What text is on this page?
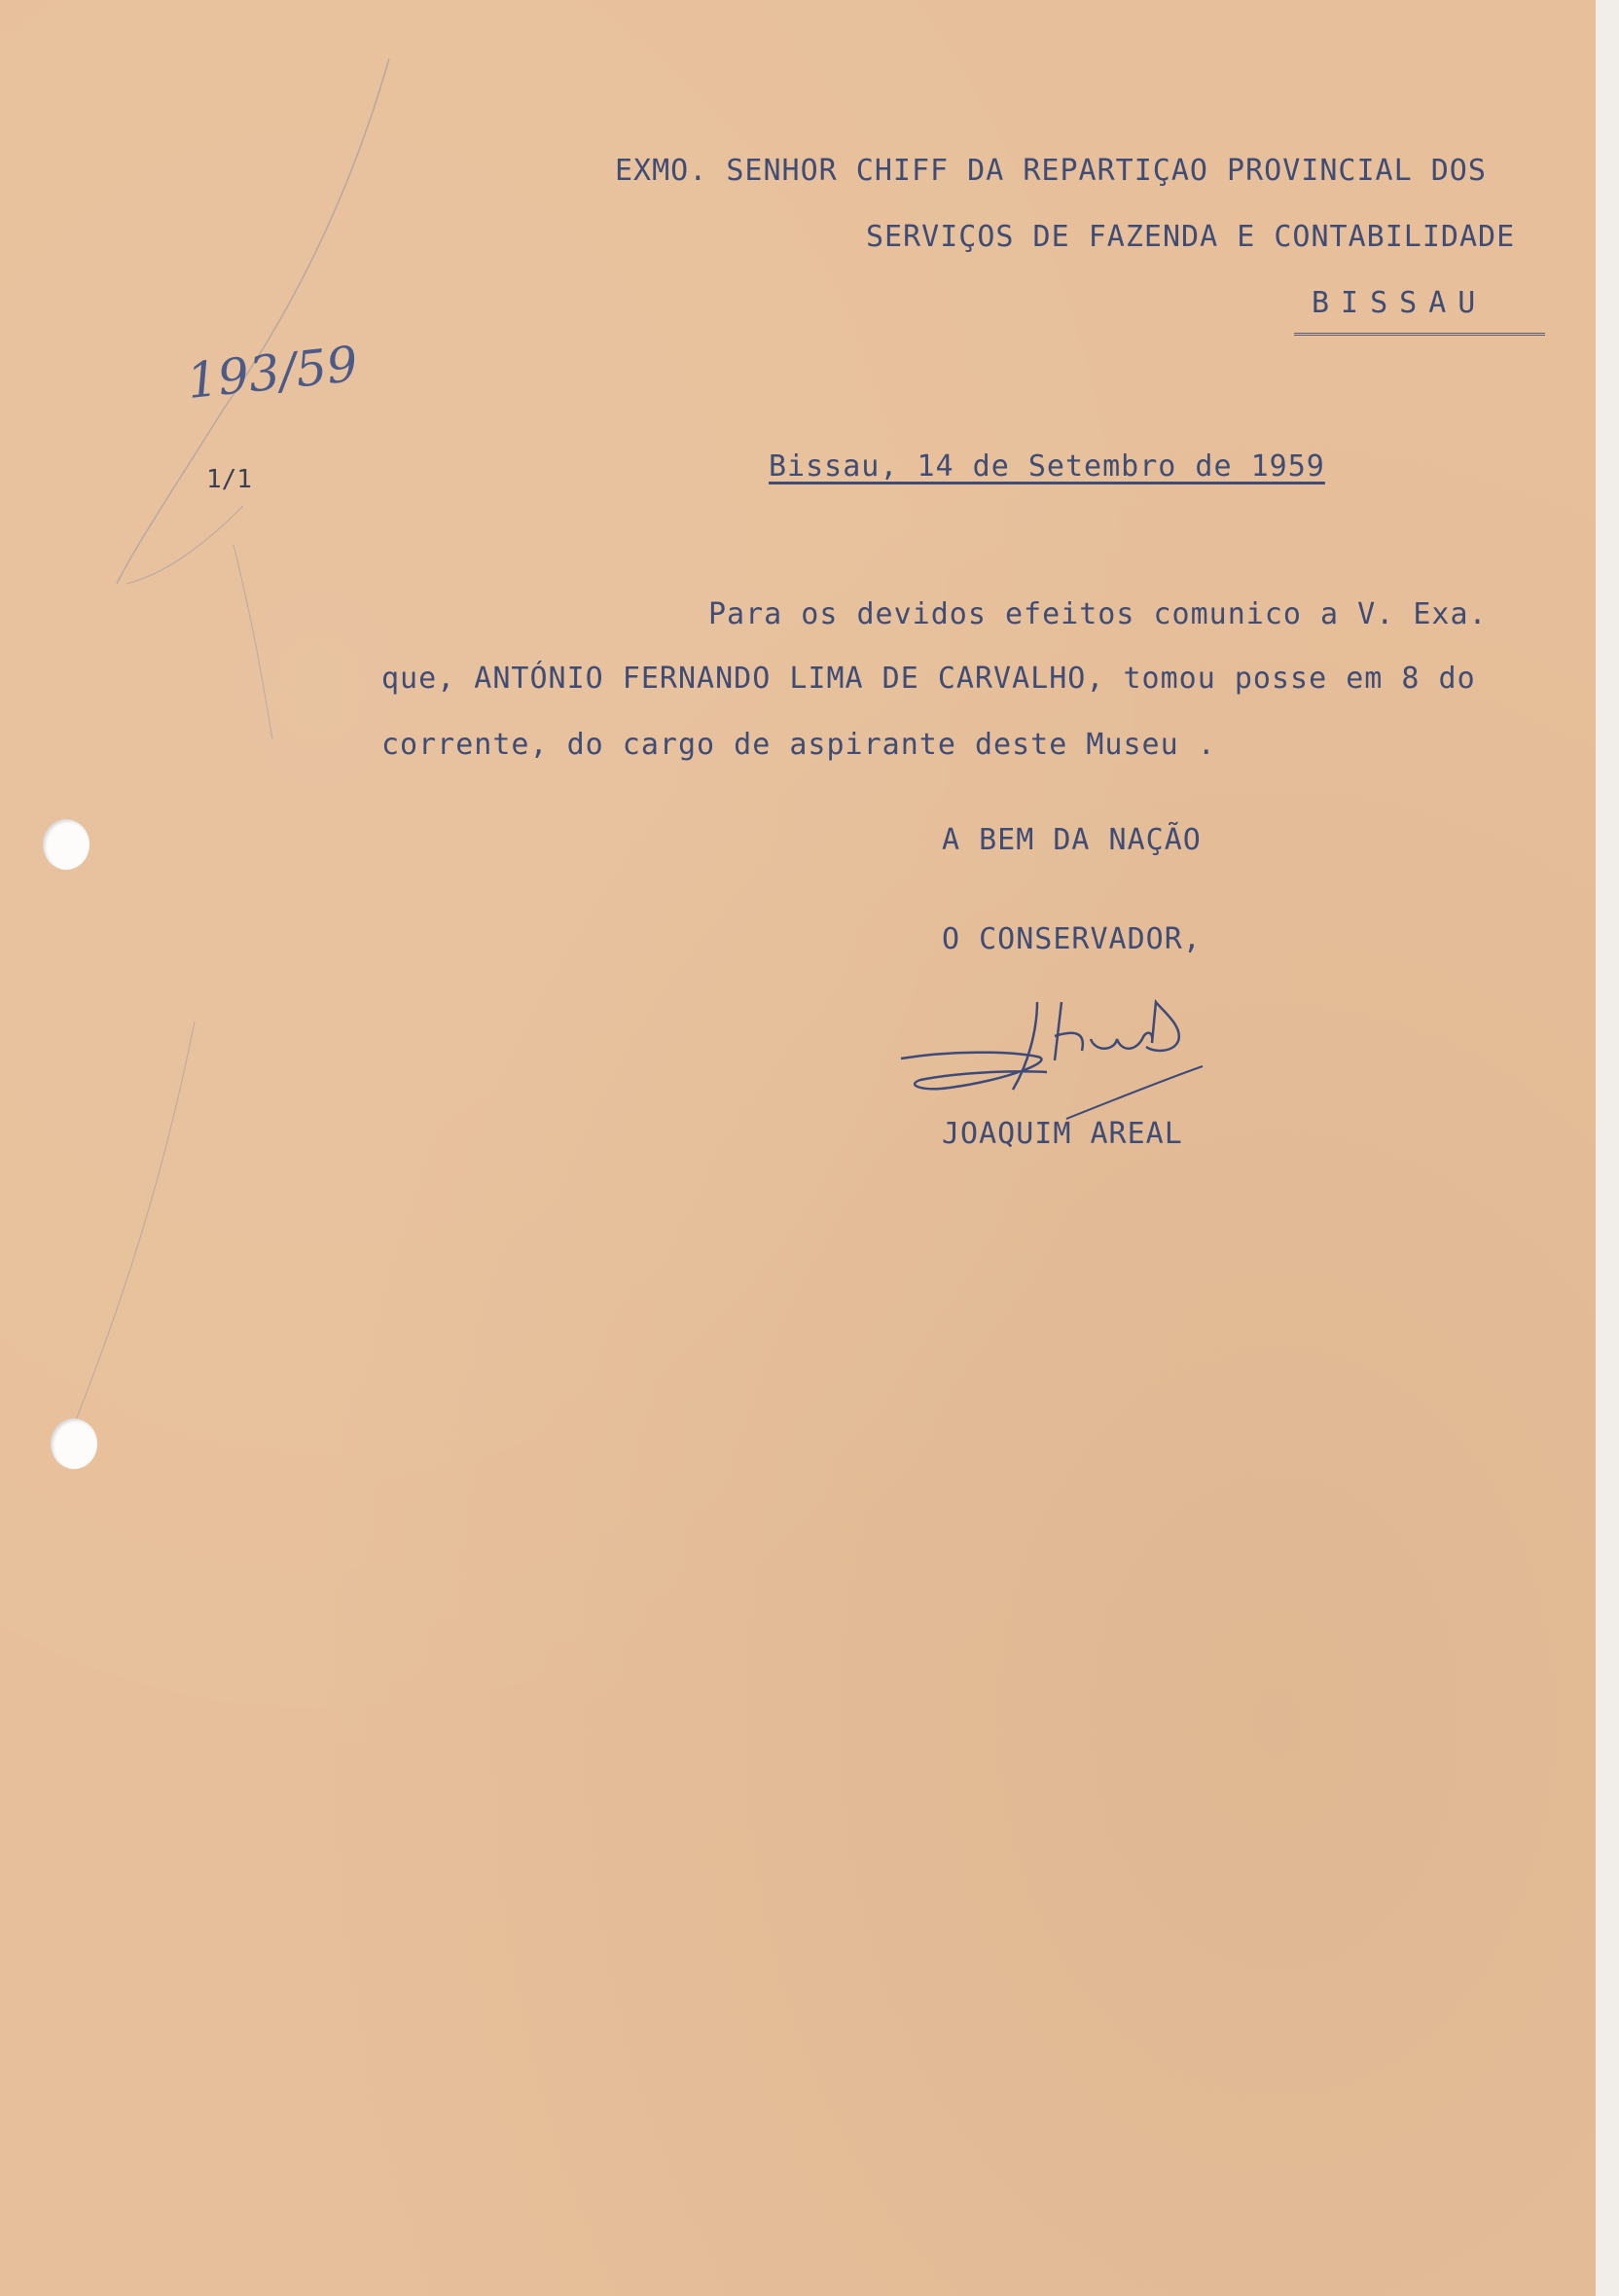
EXMO. SENHOR CHIFF DA REPARTIÇAO PROVINCIAL DOS
SERVIÇOS DE FAZENDA E CONTABILIDADE
BISSAU
193/59
1/1	Bissau, 14 de Setembro de 1959
Para os devidos efeitos comunico a V. Exa.
que, ANTÓNIO FERNANDO LIMA DE CARVALHO, tomou posse em 8 do
corrente, do cargo de aspirante deste Museu .
A BEM DA NAÇÃO
O CONSERVADOR,
JOAQUIM AREAL
